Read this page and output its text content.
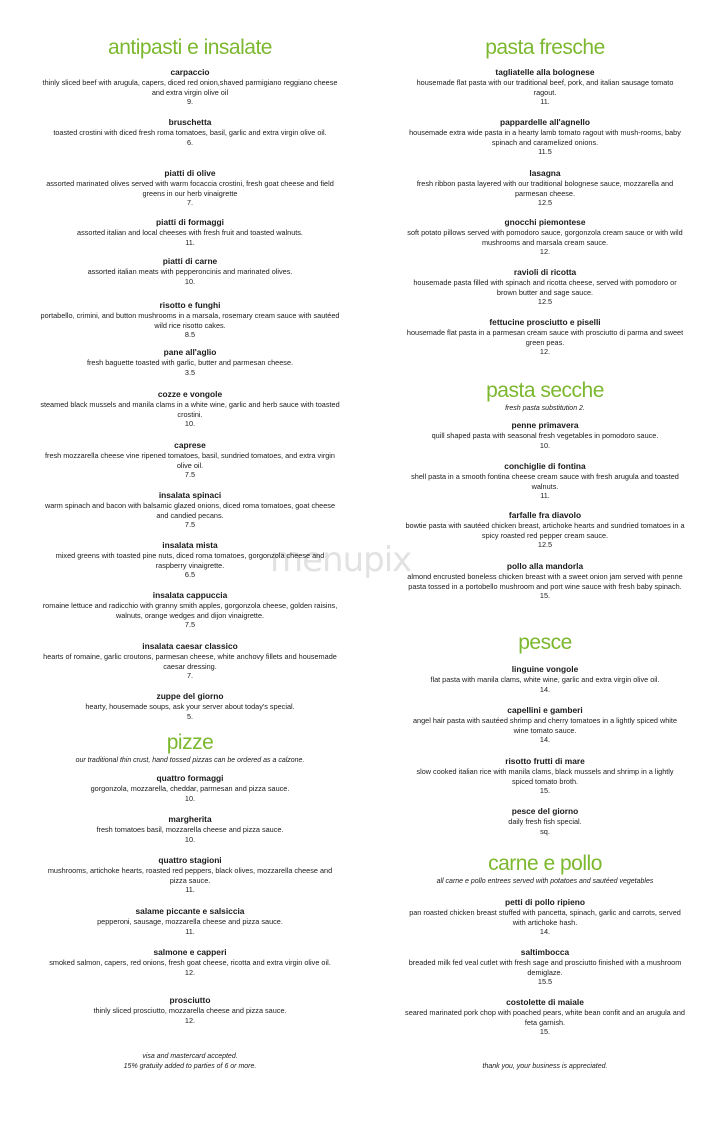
menupix
antipasti e insalate
carpaccio
thinly sliced beef with arugula, capers, diced red onion,shaved parmigiano reggiano cheese and extra virgin olive oil
9.
bruschetta
toasted crostini with diced fresh roma tomatoes, basil, garlic and extra virgin olive oil.
6.
piatti di olive
assorted marinated olives served with warm focaccia crostini, fresh goat cheese and field greens in our herb vinaigrette
7.
piatti di formaggi
assorted italian and local cheeses with fresh fruit and toasted walnuts.
11.
piatti di carne
assorted italian meats with pepperoncinis and marinated olives.
10.
risotto e funghi
portabello, crimini, and button mushrooms in a marsala, rosemary cream sauce with sautéed wild rice risotto cakes.
8.5
pane all'aglio
fresh baguette toasted with garlic, butter and parmesan cheese.
3.5
cozze e vongole
steamed black mussels and manila clams in a white wine, garlic and herb sauce with toasted crostini.
10.
caprese
fresh mozzarella cheese vine ripened tomatoes, basil, sundried tomatoes, and extra virgin olive oil.
7.5
insalata spinaci
warm spinach and bacon with balsamic glazed onions, diced roma tomatoes, goat cheese and candied pecans.
7.5
insalata mista
mixed greens with toasted pine nuts, diced roma tomatoes, gorgonzola cheese and raspberry vinaigrette.
6.5
insalata cappuccia
romaine lettuce and radicchio with granny smith apples, gorgonzola cheese, golden raisins, walnuts, orange wedges and dijon vinaigrette.
7.5
insalata caesar classico
hearts of romaine, garlic croutons, parmesan cheese, white anchovy fillets and housemade caesar dressing.
7.
zuppe del giorno
hearty, housemade soups, ask your server about today's special.
5.
pizze
our traditional thin crust, hand tossed pizzas can be ordered as a calzone.
quattro formaggi
gorgonzola, mozzarella, cheddar, parmesan and pizza sauce.
10.
margherita
fresh tomatoes basil, mozzarella cheese and pizza sauce.
10.
quattro stagioni
mushrooms, artichoke hearts, roasted red peppers, black olives, mozzarella cheese and pizza sauce.
11.
salame piccante e salsiccia
pepperoni, sausage, mozzarella cheese and pizza sauce.
11.
salmone e capperi
smoked salmon, capers, red onions, fresh goat cheese, ricotta and extra virgin olive oil.
12.
prosciutto
thinly sliced prosciutto, mozzarella cheese and pizza sauce.
12.
pasta fresche
tagliatelle alla bolognese
housemade flat pasta with our traditional beef, pork, and italian sausage tomato ragout.
11.
pappardelle all'agnello
housemade extra wide pasta in a hearty lamb tomato ragout with mush-rooms, baby spinach and caramelized onions.
11.5
lasagna
fresh ribbon pasta layered with our traditional bolognese sauce, mozzarella and parmesan cheese.
12.5
gnocchi piemontese
soft potato pillows served with pomodoro sauce, gorgonzola cream sauce or with wild mushrooms and marsala cream sauce.
12.
ravioli di ricotta
housemade pasta filled with spinach and ricotta cheese, served with pomodoro or brown butter and sage sauce.
12.5
fettucine prosciutto e piselli
housemade flat pasta in a parmesan cream sauce with prosciutto di parma and sweet green peas.
12.
pasta secche
fresh pasta substitution 2.
penne primavera
quill shaped pasta with seasonal fresh vegetables in pomodoro sauce.
10.
conchiglie di fontina
shell pasta in a smooth fontina cheese cream sauce with fresh arugula and toasted walnuts.
11.
farfalle fra diavolo
bowtie pasta with sautéed chicken breast, artichoke hearts and sundried tomatoes in a spicy roasted red pepper cream sauce.
12.5
pollo alla mandorla
almond encrusted boneless chicken breast with a sweet onion jam served with penne pasta tossed in a portobello mushroom and port wine sauce with fresh baby spinach.
15.
pesce
linguine vongole
flat pasta with manila clams, white wine, garlic and extra virgin olive oil.
14.
capellini e gamberi
angel hair pasta with sautéed shrimp and cherry tomatoes in a lightly spiced white wine tomato sauce.
14.
risotto frutti di mare
slow cooked italian rice with manila clams, black mussels and shrimp in a lightly spiced tomato broth.
15.
pesce del giorno
daily fresh fish special.
sq.
carne e pollo
all carne e pollo entrees served with potatoes and sautéed vegetables
petti di pollo ripieno
pan roasted chicken breast stuffed with pancetta, spinach, garlic and carrots, served with artichoke hash.
14.
saltimbocca
breaded milk fed veal cutlet with fresh sage and prosciutto finished with a mushroom demiglaze.
15.5
costolette di maiale
seared marinated pork chop with poached pears, white bean confit and an arugula and feta garnish.
15.
visa and mastercard accepted.
15% gratuity added to parties of 6 or more.	thank you, your business is appreciated.
